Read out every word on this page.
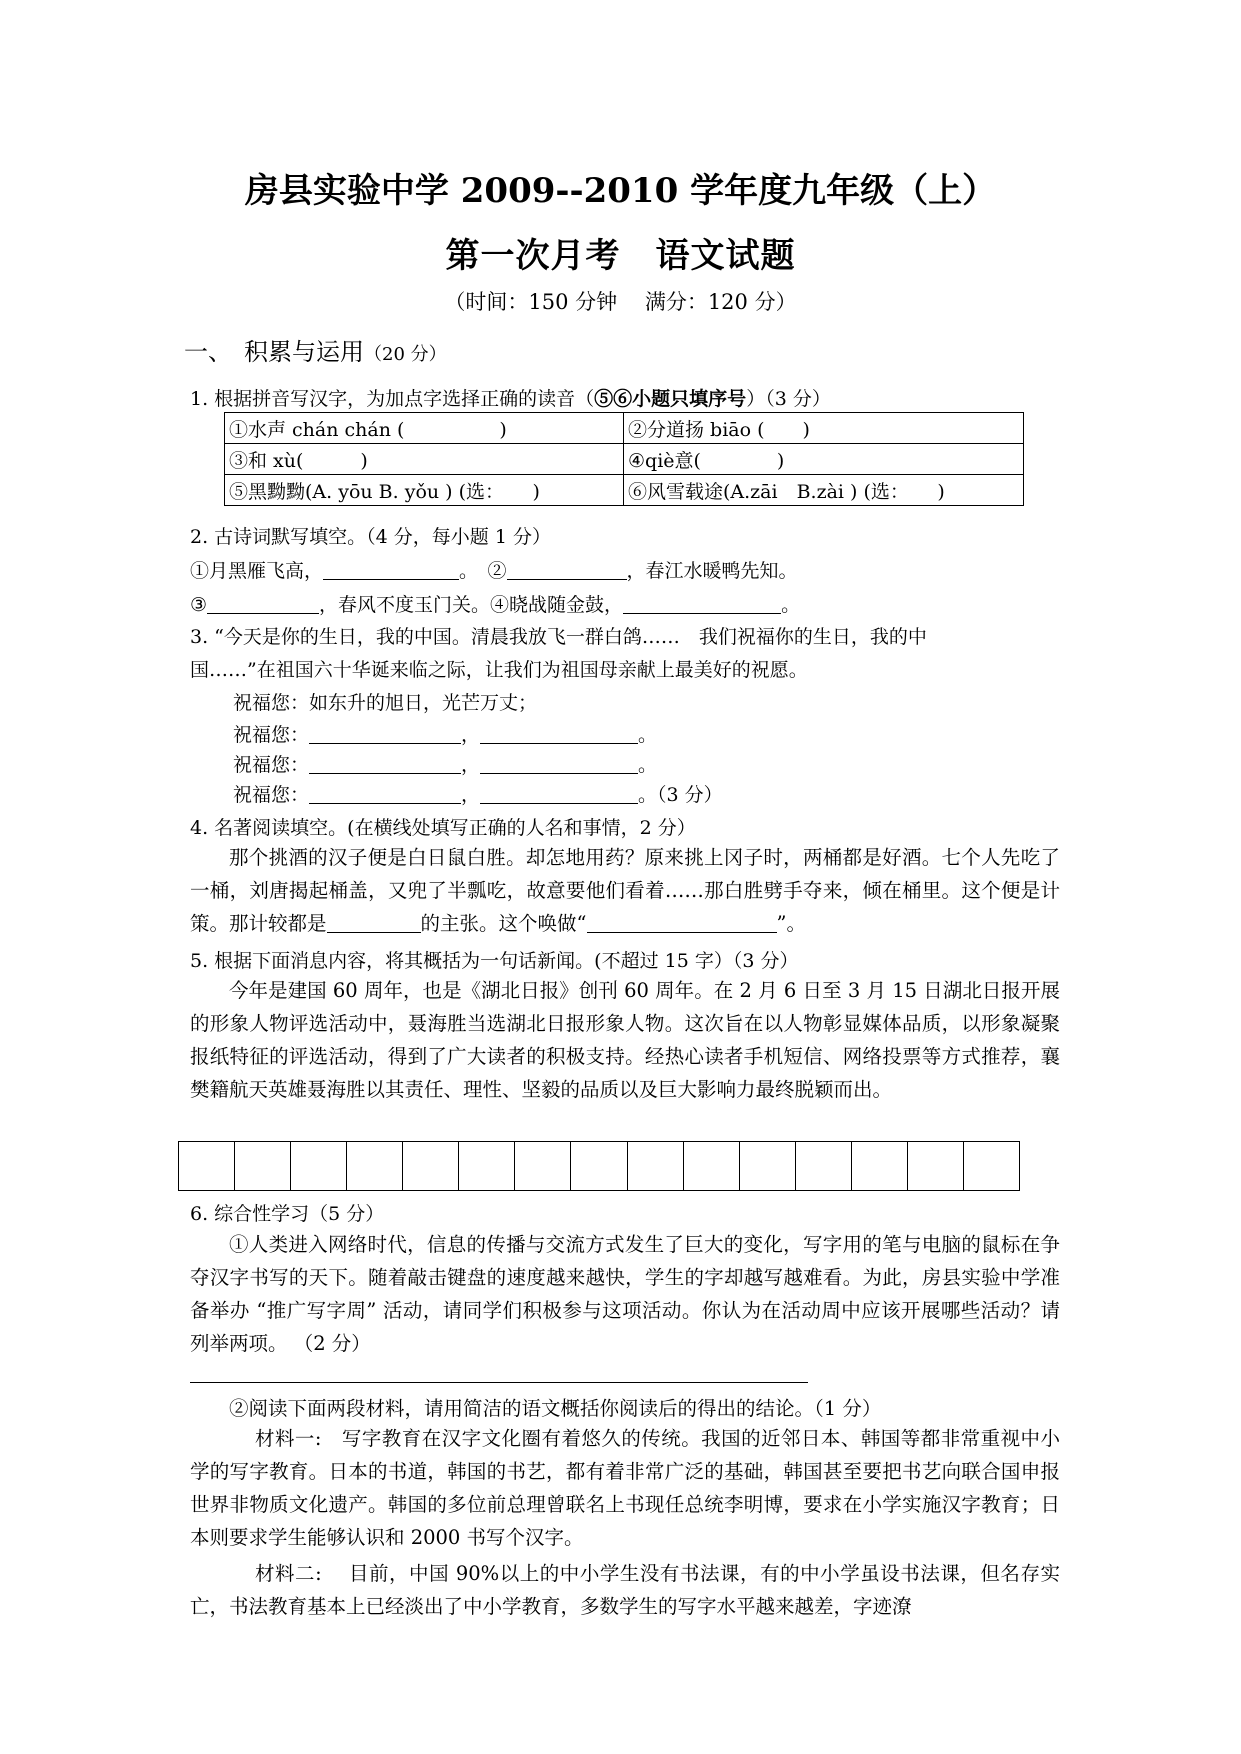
房县实验中学 2009--2010 学年度九年级（上）
第一次月考　语文试题
（时间：150 分钟　 满分：120 分）
一、　积累与运用（20 分）
1. 根据拼音写汉字，为加点字选择正确的读音（⑤⑥小题只填序号）（3 分）
①水声 chán chán (　　　　　)	②分道扬 biāo (　　)
③和 xù(　　　)	④qiè意(　　　　)
⑤黑黝黝(A. yōu B. yǒu ) (选：　　)	⑥风雪载途(A.zāi　B.zài ) (选：　　)
2. 古诗词默写填空。（4 分，每小题 1 分）
①月黑雁飞高，	。　②	，春江水暖鸭先知。
③	，春风不度玉门关。④晓战随金鼓，	。
3. “今天是你的生日，我的中国。清晨我放飞一群白鸽……　我们祝福你的生日，我的中
国……”在祖国六十华诞来临之际，让我们为祖国母亲献上最美好的祝愿。
祝福您：如东升的旭日，光芒万丈；
祝福您：	，	。
祝福您：	，	。
祝福您：	，	。（3 分）
4. 名著阅读填空。(在横线处填写正确的人名和事情，2 分）
那个挑酒的汉子便是白日鼠白胜。却怎地用药？原来挑上冈子时，两桶都是好酒。七个人先吃了一桶，刘唐揭起桶盖，又兜了半瓢吃，故意要他们看着……那白胜劈手夺来，倾在桶里。这个便是计策。那计较都是	的主张。这个唤做“	”。
5. 根据下面消息内容，将其概括为一句话新闻。(不超过 15 字）（3 分）
今年是建国 60 周年，也是《湖北日报》创刊 60 周年。在 2 月 6 日至 3 月 15 日湖北日报开展的形象人物评选活动中，聂海胜当选湖北日报形象人物。这次旨在以人物彰显媒体品质，以形象凝聚报纸特征的评选活动，得到了广大读者的积极支持。经热心读者手机短信、网络投票等方式推荐，襄樊籍航天英雄聂海胜以其责任、理性、坚毅的品质以及巨大影响力最终脱颖而出。
6. 综合性学习（5 分）
①人类进入网络时代，信息的传播与交流方式发生了巨大的变化，写字用的笔与电脑的鼠标在争夺汉字书写的天下。随着敲击键盘的速度越来越快，学生的字却越写越难看。为此，房县实验中学准备举办 “推广写字周” 活动，请同学们积极参与这项活动。你认为在活动周中应该开展哪些活动？请列举两项。 （2 分）
②阅读下面两段材料，请用简洁的语文概括你阅读后的得出的结论。（1 分）
材料一:　写字教育在汉字文化圈有着悠久的传统。我国的近邻日本、韩国等都非常重视中小学的写字教育。日本的书道，韩国的书艺，都有着非常广泛的基础，韩国甚至要把书艺向联合国申报世界非物质文化遗产。韩国的多位前总理曾联名上书现任总统李明博，要求在小学实施汉字教育；日本则要求学生能够认识和 2000 书写个汉字。
材料二:　 目前，中国 90%以上的中小学生没有书法课，有的中小学虽设书法课，但名存实亡，书法教育基本上已经淡出了中小学教育，多数学生的写字水平越来越差，字迹潦
